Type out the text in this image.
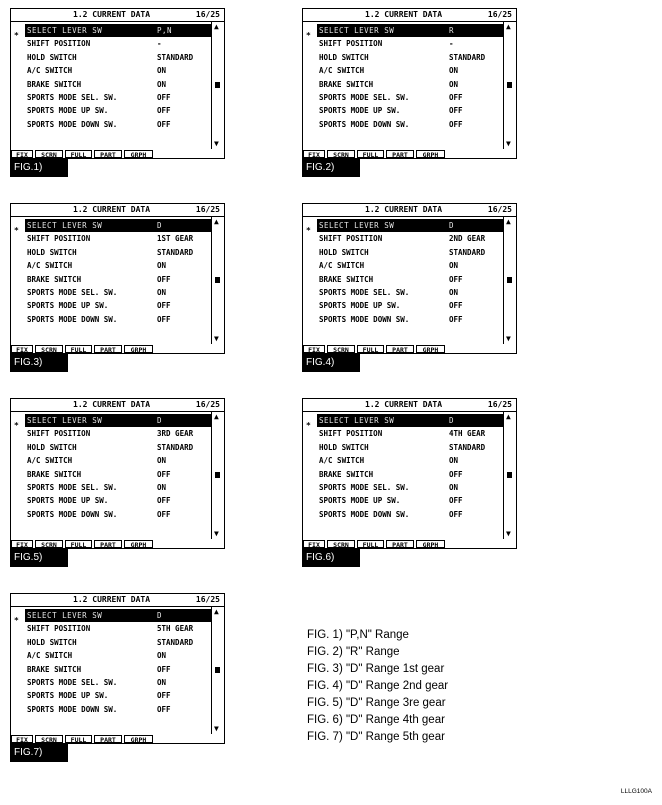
1.2 CURRENT DATA	16/25
*
SELECT LEVER SW	P,N
SHIFT POSITION	-
HOLD SWITCH	STANDARD
A/C SWITCH	ON
BRAKE SWITCH	ON
SPORTS MODE SEL. SW.	OFF
SPORTS MODE UP SW.	OFF
SPORTS MODE DOWN SW.	OFF
▲
▼
FIX	SCRN	FULL	PART	GRPH
FIG.1)
1.2 CURRENT DATA	16/25
*
SELECT LEVER SW	R
SHIFT POSITION	-
HOLD SWITCH	STANDARD
A/C SWITCH	ON
BRAKE SWITCH	ON
SPORTS MODE SEL. SW.	OFF
SPORTS MODE UP SW.	OFF
SPORTS MODE DOWN SW.	OFF
▲
▼
FIX	SCRN	FULL	PART	GRPH
FIG.2)
1.2 CURRENT DATA	16/25
*
SELECT LEVER SW	D
SHIFT POSITION	1ST GEAR
HOLD SWITCH	STANDARD
A/C SWITCH	ON
BRAKE SWITCH	OFF
SPORTS MODE SEL. SW.	ON
SPORTS MODE UP SW.	OFF
SPORTS MODE DOWN SW.	OFF
▲
▼
FIX	SCRN	FULL	PART	GRPH
FIG.3)
1.2 CURRENT DATA	16/25
*
SELECT LEVER SW	D
SHIFT POSITION	2ND GEAR
HOLD SWITCH	STANDARD
A/C SWITCH	ON
BRAKE SWITCH	OFF
SPORTS MODE SEL. SW.	ON
SPORTS MODE UP SW.	OFF
SPORTS MODE DOWN SW.	OFF
▲
▼
FIX	SCRN	FULL	PART	GRPH
FIG.4)
1.2 CURRENT DATA	16/25
*
SELECT LEVER SW	D
SHIFT POSITION	3RD GEAR
HOLD SWITCH	STANDARD
A/C SWITCH	ON
BRAKE SWITCH	OFF
SPORTS MODE SEL. SW.	ON
SPORTS MODE UP SW.	OFF
SPORTS MODE DOWN SW.	OFF
▲
▼
FIX	SCRN	FULL	PART	GRPH
FIG.5)
1.2 CURRENT DATA	16/25
*
SELECT LEVER SW	D
SHIFT POSITION	4TH GEAR
HOLD SWITCH	STANDARD
A/C SWITCH	ON
BRAKE SWITCH	OFF
SPORTS MODE SEL. SW.	ON
SPORTS MODE UP SW.	OFF
SPORTS MODE DOWN SW.	OFF
▲
▼
FIX	SCRN	FULL	PART	GRPH
FIG.6)
1.2 CURRENT DATA	16/25
*
SELECT LEVER SW	D
SHIFT POSITION	5TH GEAR
HOLD SWITCH	STANDARD
A/C SWITCH	ON
BRAKE SWITCH	OFF
SPORTS MODE SEL. SW.	ON
SPORTS MODE UP SW.	OFF
SPORTS MODE DOWN SW.	OFF
▲
▼
FIX	SCRN	FULL	PART	GRPH
FIG.7)
FIG. 1) "P,N" Range
FIG. 2) "R" Range
FIG. 3) "D" Range 1st gear
FIG. 4) "D" Range 2nd gear
FIG. 5) "D" Range 3re gear
FIG. 6) "D" Range 4th gear
FIG. 7) "D" Range 5th gear
LLLG100A
